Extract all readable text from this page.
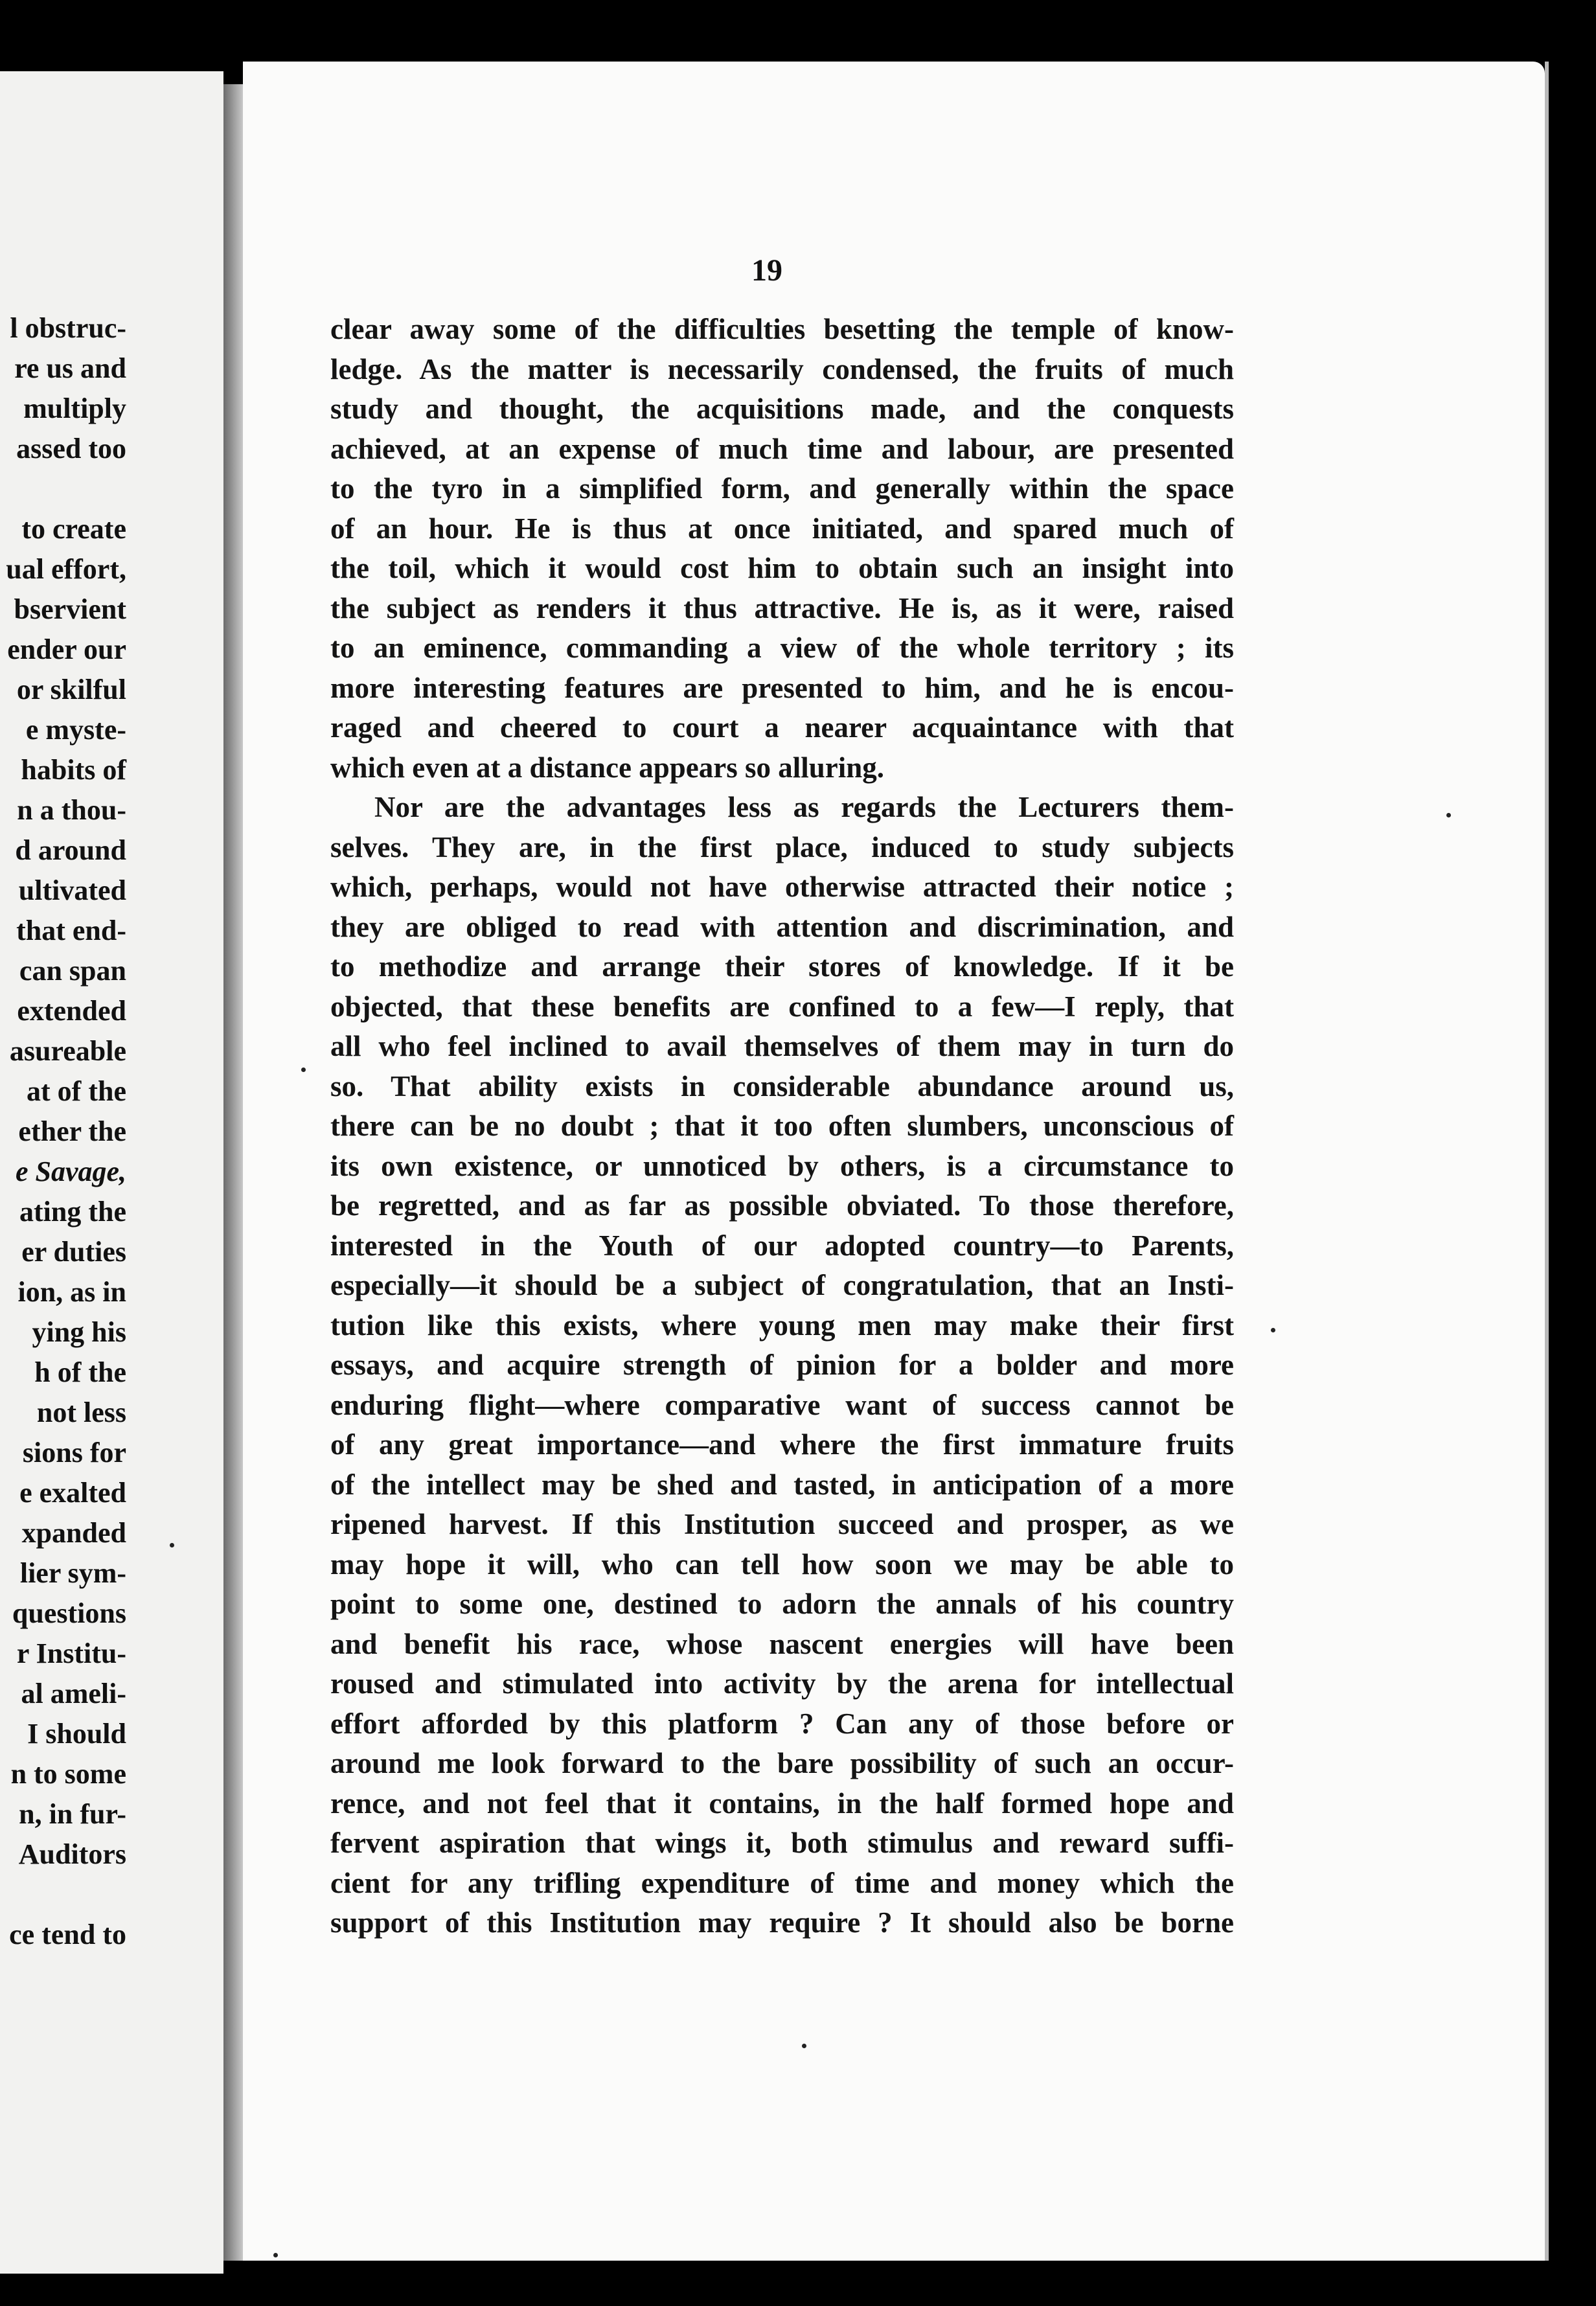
l obstruc-
re us and
multiply
assed too
to create
ual effort,
bservient
ender our
or skilful
e myste-
habits of
n a thou-
d around
ultivated
that end-
can span
extended
asureable
at of the
ether the
e Savage,
ating the
er duties
ion, as in
ying his
h of the
not less
sions for
e exalted
xpanded
lier sym-
questions
r Institu-
al ameli-
I should
n to some
n, in fur-
Auditors
ce tend to
19
clear away some of the difficulties besetting the temple of know-
ledge. As the matter is necessarily condensed, the fruits of much
study and thought, the acquisitions made, and the conquests
achieved, at an expense of much time and labour, are presented
to the tyro in a simplified form, and generally within the space
of an hour. He is thus at once initiated, and spared much of
the toil, which it would cost him to obtain such an insight into
the subject as renders it thus attractive. He is, as it were, raised
to an eminence, commanding a view of the whole territory ; its
more interesting features are presented to him, and he is encou-
raged and cheered to court a nearer acquaintance with that
which even at a distance appears so alluring.
Nor are the advantages less as regards the Lecturers them-
selves. They are, in the first place, induced to study subjects
which, perhaps, would not have otherwise attracted their notice ;
they are obliged to read with attention and discrimination, and
to methodize and arrange their stores of knowledge. If it be
objected, that these benefits are confined to a few—I reply, that
all who feel inclined to avail themselves of them may in turn do
so. That ability exists in considerable abundance around us,
there can be no doubt ; that it too often slumbers, unconscious of
its own existence, or unnoticed by others, is a circumstance to
be regretted, and as far as possible obviated. To those therefore,
interested in the Youth of our adopted country—to Parents,
especially—it should be a subject of congratulation, that an Insti-
tution like this exists, where young men may make their first
essays, and acquire strength of pinion for a bolder and more
enduring flight—where comparative want of success cannot be
of any great importance—and where the first immature fruits
of the intellect may be shed and tasted, in anticipation of a more
ripened harvest. If this Institution succeed and prosper, as we
may hope it will, who can tell how soon we may be able to
point to some one, destined to adorn the annals of his country
and benefit his race, whose nascent energies will have been
roused and stimulated into activity by the arena for intellectual
effort afforded by this platform ? Can any of those before or
around me look forward to the bare possibility of such an occur-
rence, and not feel that it contains, in the half formed hope and
fervent aspiration that wings it, both stimulus and reward suffi-
cient for any trifling expenditure of time and money which the
support of this Institution may require ? It should also be borne
